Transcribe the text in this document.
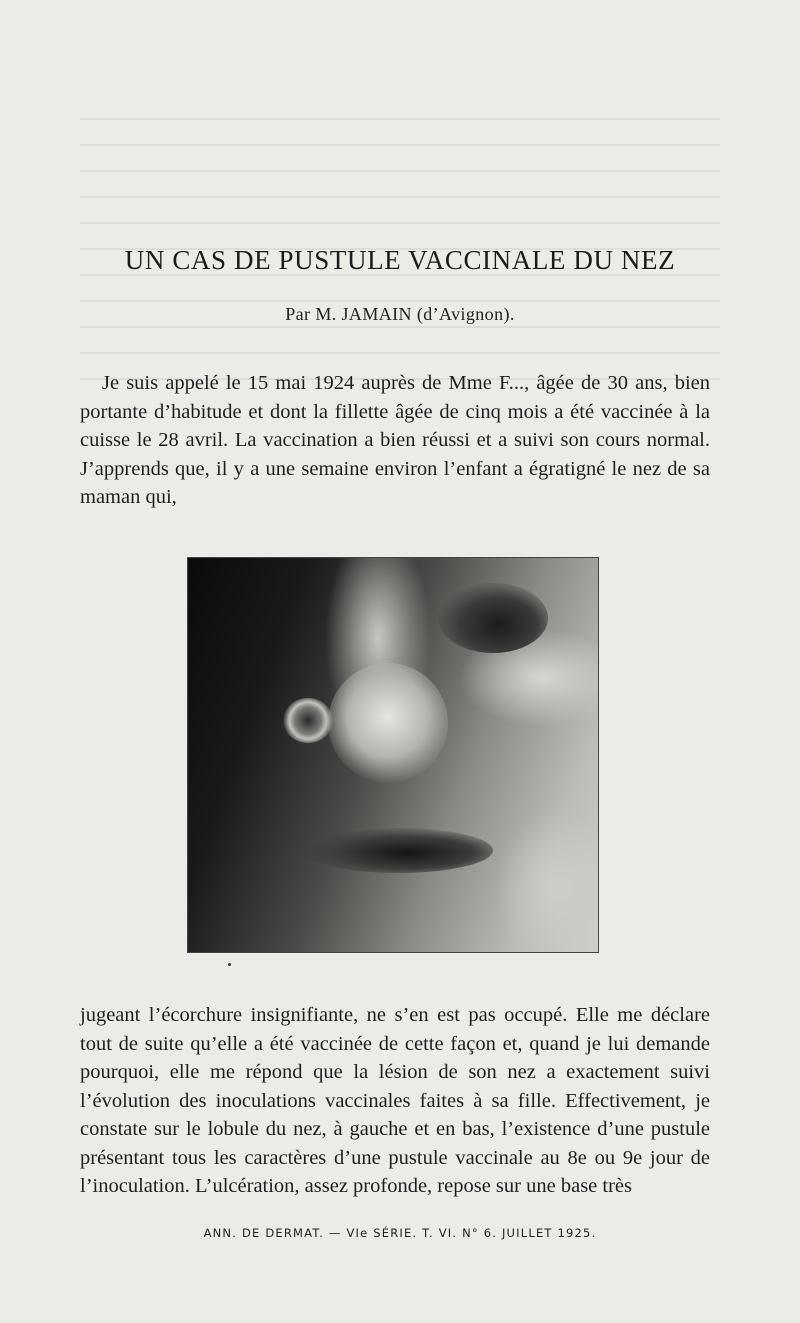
UN CAS DE PUSTULE VACCINALE DU NEZ
Par M. JAMAIN (d’Avignon).
Je suis appelé le 15 mai 1924 auprès de Mme F..., âgée de 30 ans, bien portante d’habitude et dont la fillette âgée de cinq mois a été vaccinée à la cuisse le 28 avril. La vaccination a bien réussi et a suivi son cours normal. J’apprends que, il y a une semaine environ l’enfant a égratigné le nez de sa maman qui,
jugeant l’écorchure insignifiante, ne s’en est pas occupé. Elle me déclare tout de suite qu’elle a été vaccinée de cette façon et, quand je lui demande pourquoi, elle me répond que la lésion de son nez a exactement suivi l’évolution des inoculations vaccinales faites à sa fille. Effectivement, je constate sur le lobule du nez, à gauche et en bas, l’existence d’une pustule présentant tous les caractères d’une pustule vaccinale au 8e ou 9e jour de l’inoculation. L’ulcération, assez profonde, repose sur une base très
ANN. DE DERMAT. — VIe SÉRIE. T. VI. N° 6. JUILLET 1925.
